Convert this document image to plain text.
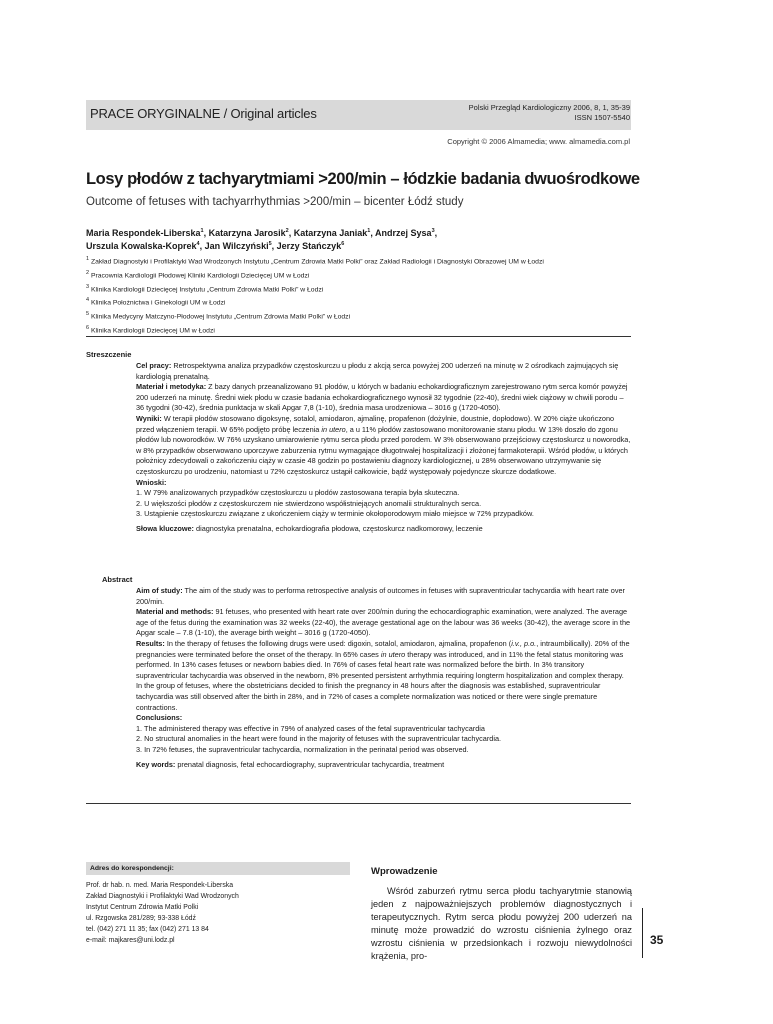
PRACE ORYGINALNE / Original articles	Polski Przegląd Kardiologiczny 2006, 8, 1, 35-39
ISSN 1507-5540
Copyright © 2006 Almamedia; www. almamedia.com.pl
Losy płodów z tachyarytmiami >200/min – łódzkie badania dwuośrodkowe
Outcome of fetuses with tachyarrhythmias >200/min – bicenter Łódź study
Maria Respondek-Liberska$^1$, Katarzyna Jarosik$^2$, Katarzyna Janiak$^1$, Andrzej Sysa$^3$,
Urszula Kowalska-Koprek$^4$, Jan Wilczyński$^5$, Jerzy Stańczyk$^6$
$^1$ Zakład Diagnostyki i Profilaktyki Wad Wrodzonych Instytutu „Centrum Zdrowia Matki Polki” oraz Zakład Radiologii i Diagnostyki Obrazowej UM w Łodzi
$^2$ Pracownia Kardiologii Płodowej Kliniki Kardiologii Dziecięcej UM w Łodzi
$^3$ Klinika Kardiologii Dziecięcej Instytutu „Centrum Zdrowia Matki Polki” w Łodzi
$^4$ Klinika Położnictwa i Ginekologii UM w Łodzi
$^5$ Klinika Medycyny Matczyno-Płodowej Instytutu „Centrum Zdrowia Matki Polki” w Łodzi
$^6$ Klinika Kardiologii Dziecięcej UM w Łodzi
Streszczenie

Cel pracy: Retrospektywna analiza przypadków częstoskurczu u płodu z akcją serca powyżej 200 uderzeń na minutę w 2 ośrodkach zajmujących się kardiologią prenatalną.

Materiał i metodyka: Z bazy danych przeanalizowano 91 płodów, u których w badaniu echokardiograficznym zarejestrowano rytm serca komór powyżej 200 uderzeń na minutę. Średni wiek płodu w czasie badania echokardiograficznego wynosił 32 tygodnie (22-40), średni wiek ciążowy w chwili porodu – 36 tygodni (30-42), średnia punktacja w skali Apgar 7,8 (1-10), średnia masa urodzeniowa – 3016 g (1720-4050).

Wyniki: W terapii płodów stosowano digoksynę, sotalol, amiodaron, ajmalinę, propafenon (dożylnie, doustnie, dopłodowo). W 20% ciąże ukończono przed włączeniem terapii. W 65% podjęto próbę leczenia in utero, a u 11% płodów zastosowano monitorowanie stanu płodu. W 13% doszło do zgonu płodów lub noworodków. W 76% uzyskano umiarowienie rytmu serca płodu przed porodem. W 3% obserwowano przejściowy częstoskurcz u noworodka, w 8% przypadków obserwowano uporczywe zaburzenia rytmu wymagające długotrwałej hospitalizacji i złożonej farmakoterapii. Wśród płodów, u których położnicy zdecydowali o zakończeniu ciąży w czasie 48 godzin po postawieniu diagnozy kardiologicznej, u 28% obserwowano utrzymywanie się częstoskurczu po urodzeniu, natomiast u 72% częstoskurcz ustąpił całkowicie, bądź występowały pojedyncze skurcze dodatkowe.

Wnioski:

1. W 79% analizowanych przypadków częstoskurczu u płodów zastosowana terapia była skuteczna.

2. U większości płodów z częstoskurczem nie stwierdzono współistniejących anomalii strukturalnych serca.

3. Ustąpienie częstoskurczu związane z ukończeniem ciąży w terminie okołoporodowym miało miejsce w 72% przypadków.

Słowa kluczowe: diagnostyka prenatalna, echokardiografia płodowa, częstoskurcz nadkomorowy, leczenie

Abstract

Aim of study: The aim of the study was to performa retrospective analysis of outcomes in fetuses with supraventricular tachycardia with heart rate over 200/min.

Material and methods: 91 fetuses, who presented with heart rate over 200/min during the echocardiographic examination, were analyzed. The average age of the fetus during the examination was 32 weeks (22-40), the average gestational age on the labour was 36 weeks (30-42), the average score in the Apgar scale – 7.8 (1-10), the average birth weight – 3016 g (1720-4050).

Results: In the therapy of fetuses the following drugs were used: digoxin, sotalol, amiodaron, ajmalina, propafenon (i.v., p.o., intraumbilically). 20% of the pregnancies were terminated before the onset of the therapy. In 65% cases in utero therapy was introduced, and in 11% the fetal status monitoring was performed. In 13% cases fetuses or newborn babies died. In 76% of cases fetal heart rate was normalized before the birth. In 3% transitory supraventricular tachycardia was observed in the newborn, 8% presented persistent arrhythmia requiring longterm hospitalization and complex therapy.

In the group of fetuses, where the obstetricians decided to finish the pregnancy in 48 hours after the diagnosis was established, supraventricular tachycardia was still observed after the birth in 28%, and in 72% of cases a complete normalization was noticed or there were single premature contractions.

Conclusions:

1. The administered therapy was effective in 79% of analyzed cases of the fetal supraventricular tachycardia

2. No structural anomalies in the heart were found in the majority of fetuses with the supraventricular tachycardia.

3. In 72% fetuses, the supraventricular tachycardia, normalization in the perinatal period was observed.

Key words: prenatal diagnosis, fetal echocardiography, supraventricular tachycardia, treatment

Adres do korespondencji:
Prof. dr hab. n. med. Maria Respondek-Liberska
Zakład Diagnostyki i Profilaktyki Wad Wrodzonych
Instytut Centrum Zdrowia Matki Polki
ul. Rzgowska 281/289; 93-338 Łódź
tel. (042) 271 11 35; fax (042) 271 13 84
e-mail: majkares@uni.lodz.pl
Wprowadzenie

Wśród zaburzeń rytmu serca płodu tachyarytmie stanowią jeden z najpoważniejszych problemów diagnostycznych i terapeutycznych. Rytm serca płodu powyżej 200 uderzeń na minutę może prowadzić do wzrostu ciśnienia żylnego oraz wzrostu ciśnienia w przedsionkach i rozwoju niewydolności krążenia, pro-

35
